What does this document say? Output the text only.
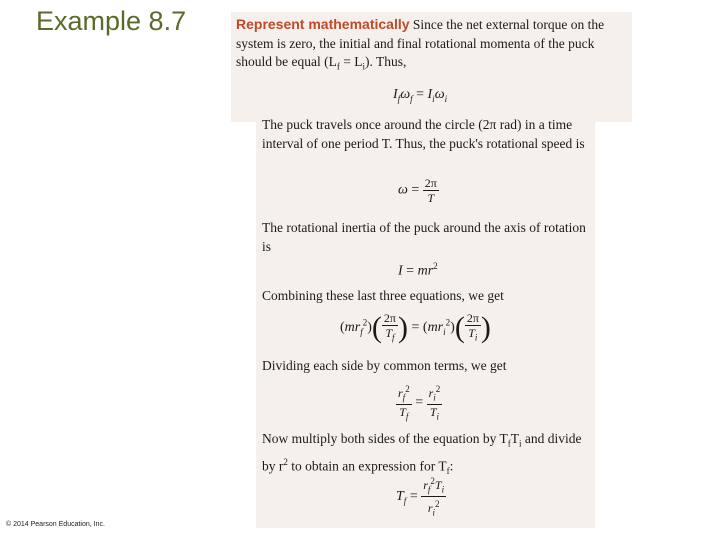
Example 8.7	Represent mathematically Since the net external torque on the system is zero, the initial and final rotational momenta of the puck should be equal $(L_f = L_i)$. Thus,

$I_f\omega_f = I_i\omega_i$

The puck travels once around the circle (2π rad) in a time interval of one period T. Thus, the puck's rotational speed is

$\omega = \frac{2\pi}{T}$

The rotational inertia of the puck around the axis of rotation is

$I = mr^2$

Combining these last three equations, we get

$(mr_f^2)( \frac{2\pi}{T_f}$ ) = $(mr_i^2)( \frac{2\pi}{T_i}$ )

Dividing each side by common terms, we get

$\frac{r_f^2}{T_f} = \frac{r_i^2}{T_i}$

Now multiply both sides of the equation by $T_fT_i$ and divide by $r^2$ to obtain an expression for $T_f$:

$T_f = \frac{r_f^2T_i}{r_i^2}$
© 2014 Pearson Education, Inc.
